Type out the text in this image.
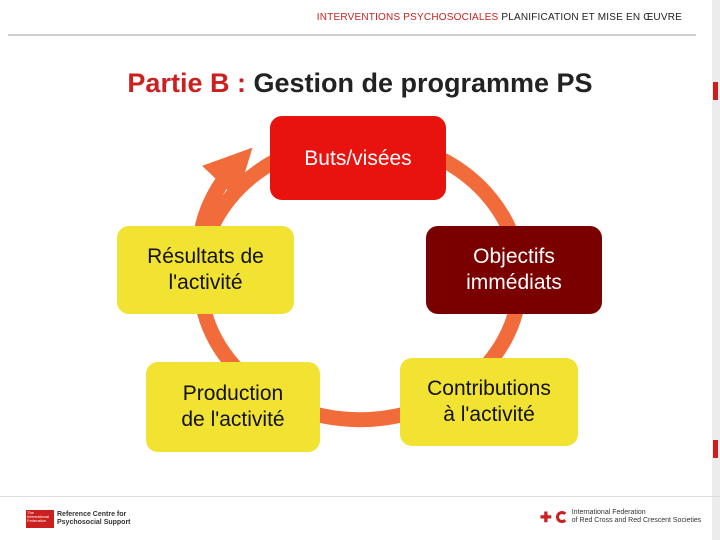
INTERVENTIONS PSYCHOSOCIALES PLANIFICATION ET MISE EN ŒUVRE
Partie B : Gestion de programme PS
Buts/visées
Objectifs
immédiats
Résultats de
l'activité
Production
de l'activité
Contributions
à l'activité
The International Federation
Reference Centre for
Psychosocial Support	✚	International Federation
of Red Cross and Red Crescent Societies
